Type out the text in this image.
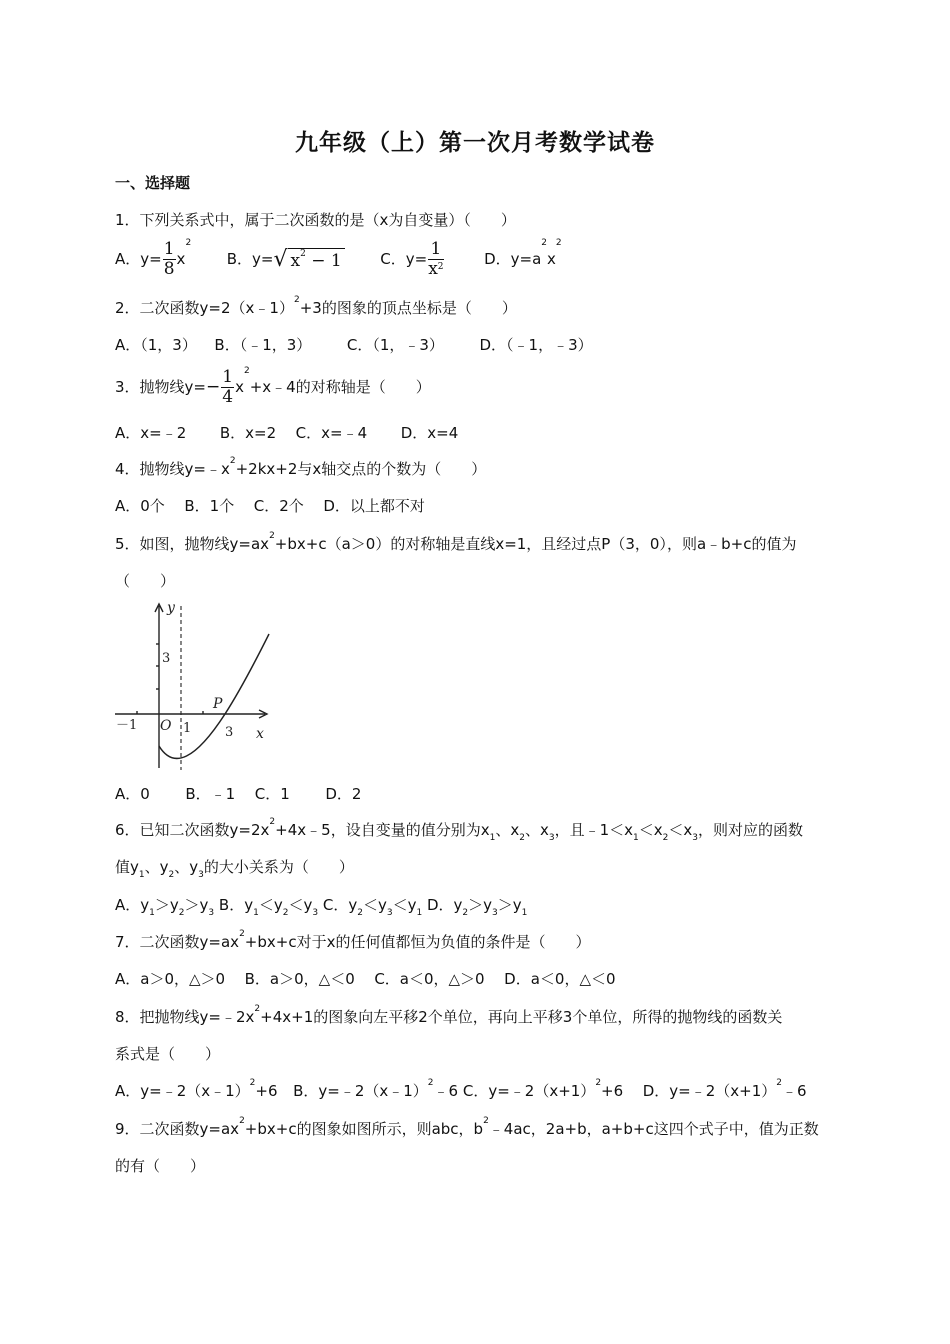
九年级（上）第一次月考数学试卷
一、选择题
1．下列关系式中，属于二次函数的是（x为自变量）（　　）
A．$y= \frac{1}{8} x^2$  B．y=√ $x^2 - 1$	C．$y= \frac{1}{x^2}$	D．$y=a^2x^2$
2．二次函数y=2（x﹣1）$^2$+3的图象的顶点坐标是（　　）
A．（1，3） B．（﹣1，3） C．（1，﹣3） D．（﹣1，﹣3）
3．抛物线$y=- \frac{1}{4}$ $x^2+x﹣4$的对称轴是（　　）
A．x=﹣2 B．x=2 C．x=﹣4 D．x=4
4．抛物线$y=﹣x^2+2kx+2$与x轴交点的个数为（　　）
A．0个 B．1个 C．2个 D．以上都不对
5．如图，抛物线$y=ax^2+bx+c(a>0)$的对称轴是直线x=1，且经过点P（3，0），则a﹣b+c的值为
（　　）
y
x
3
O 1	3
－1
P
A．0 B．﹣1 C．1 D．2
6．已知二次函数$y=2x^2+4x﹣5$，设自变量的值分别为$x_1$、$x_2$、$x_3$，且$﹣1<x_1<x_2<x_3$，则对应的函数
值$y_1$、$y_2$、$y_3$的大小关系为（　　）
A．$y_1>y_2>y_3$ B．$y_1<y_2<y_3$ C．$y_2<y_3<y_1$ D．$y_2>y_3>y_1$
7．二次函数$y=ax^2+bx+c$对于x的任何值都恒为负值的条件是（　　）
A．a＞0，△＞0 B．a＞0，△＜0 C．a＜0，△＞0 D．a＜0，△＜0
8．把抛物线$y=﹣2x^2+4x+1$的图象向左平移2个单位，再向上平移3个单位，所得的抛物线的函数关
系式是（　　）
A．y=﹣2（x﹣1）$^2$+6 B．y=﹣2（x﹣1）$^2$﹣6 C．$y=﹣2(x+1)^2+6$ D．$y=﹣2(x+1)^2﹣6$
9．二次函数$y=ax^2+bx+c$的图象如图所示，则abc，$b^2﹣4ac$，2a+b，a+b+c这四个式子中，值为正数
的有（　　）
